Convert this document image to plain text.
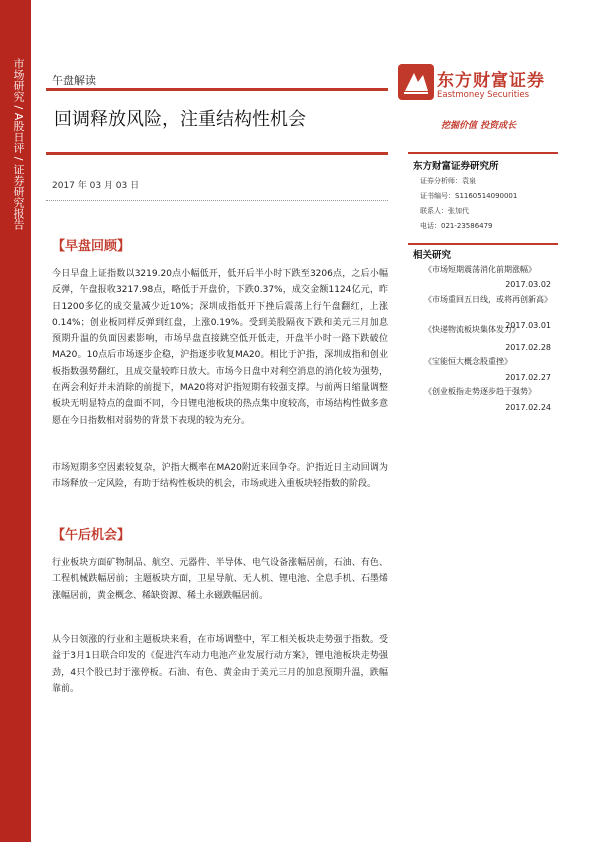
市场研究 / A股日评 / 证券研究报告 午盘解读
回调释放风险，注重结构性机会
2017 年 03 月 03 日
【早盘回顾】

今日早盘上证指数以3219.20点小幅低开，低开后半小时下跌至3206点，之后小幅反弹，午盘报收3217.98点，略低于开盘价，下跌0.37%，成交金额1124亿元，昨日1200多亿的成交量减少近10%；深圳成指低开下挫后震荡上行午盘翻红，上涨0.14%；创业板同样反弹到红盘，上涨0.19%。受到美股隔夜下跌和美元三月加息预期升温的负面因素影响，市场早盘直接跳空低开低走，开盘半小时一路下跌破位MA20。10点后市场逐步企稳，沪指逐步收复MA20。相比于沪指，深圳成指和创业板指数强势翻红，且成交量较昨日放大。市场今日盘中对利空消息的消化较为强势，在两会利好并未消除的前提下，MA20将对沪指短期有较强支撑。与前两日缩量调整板块无明显特点的盘面不同，今日锂电池板块的热点集中度较高，市场结构性做多意愿在今日指数相对弱势的背景下表现的较为充分。

市场短期多空因素较复杂，沪指大概率在MA20附近来回争夺。沪指近日主动回调为市场释放一定风险，有助于结构性板块的机会，市场或进入重板块轻指数的阶段。

【午后机会】

行业板块方面矿物制品、航空、元器件、半导体、电气设备涨幅居前，石油、有色、工程机械跌幅居前；主题板块方面，卫星导航、无人机、锂电池、全息手机、石墨烯涨幅居前，黄金概念、稀缺资源、稀土永磁跌幅居前。

从今日领涨的行业和主题板块来看，在市场调整中，军工相关板块走势强于指数。受益于3月1日联合印发的《促进汽车动力电池产业发展行动方案》，锂电池板块走势强劲，4只个股已封于涨停板。石油、有色、黄金由于美元三月的加息预期升温，跌幅靠前。

东方财富证券
Eastmoney Securities
挖掘价值 投资成长
东方财富证券研究所
证券分析师：袁泉
证书编号：S1160514090001
联系人：张加代
电话：021-23586479
相关研究
《市场短期震荡消化前期涨幅》
2017.03.02
《市场重回五日线，或将再创新高》
2017.03.01
《快递物流板块集体发力》
2017.02.28
《宝能恒大概念股重挫》
2017.02.27
《创业板指走势逐步趋于强势》
2017.02.24
